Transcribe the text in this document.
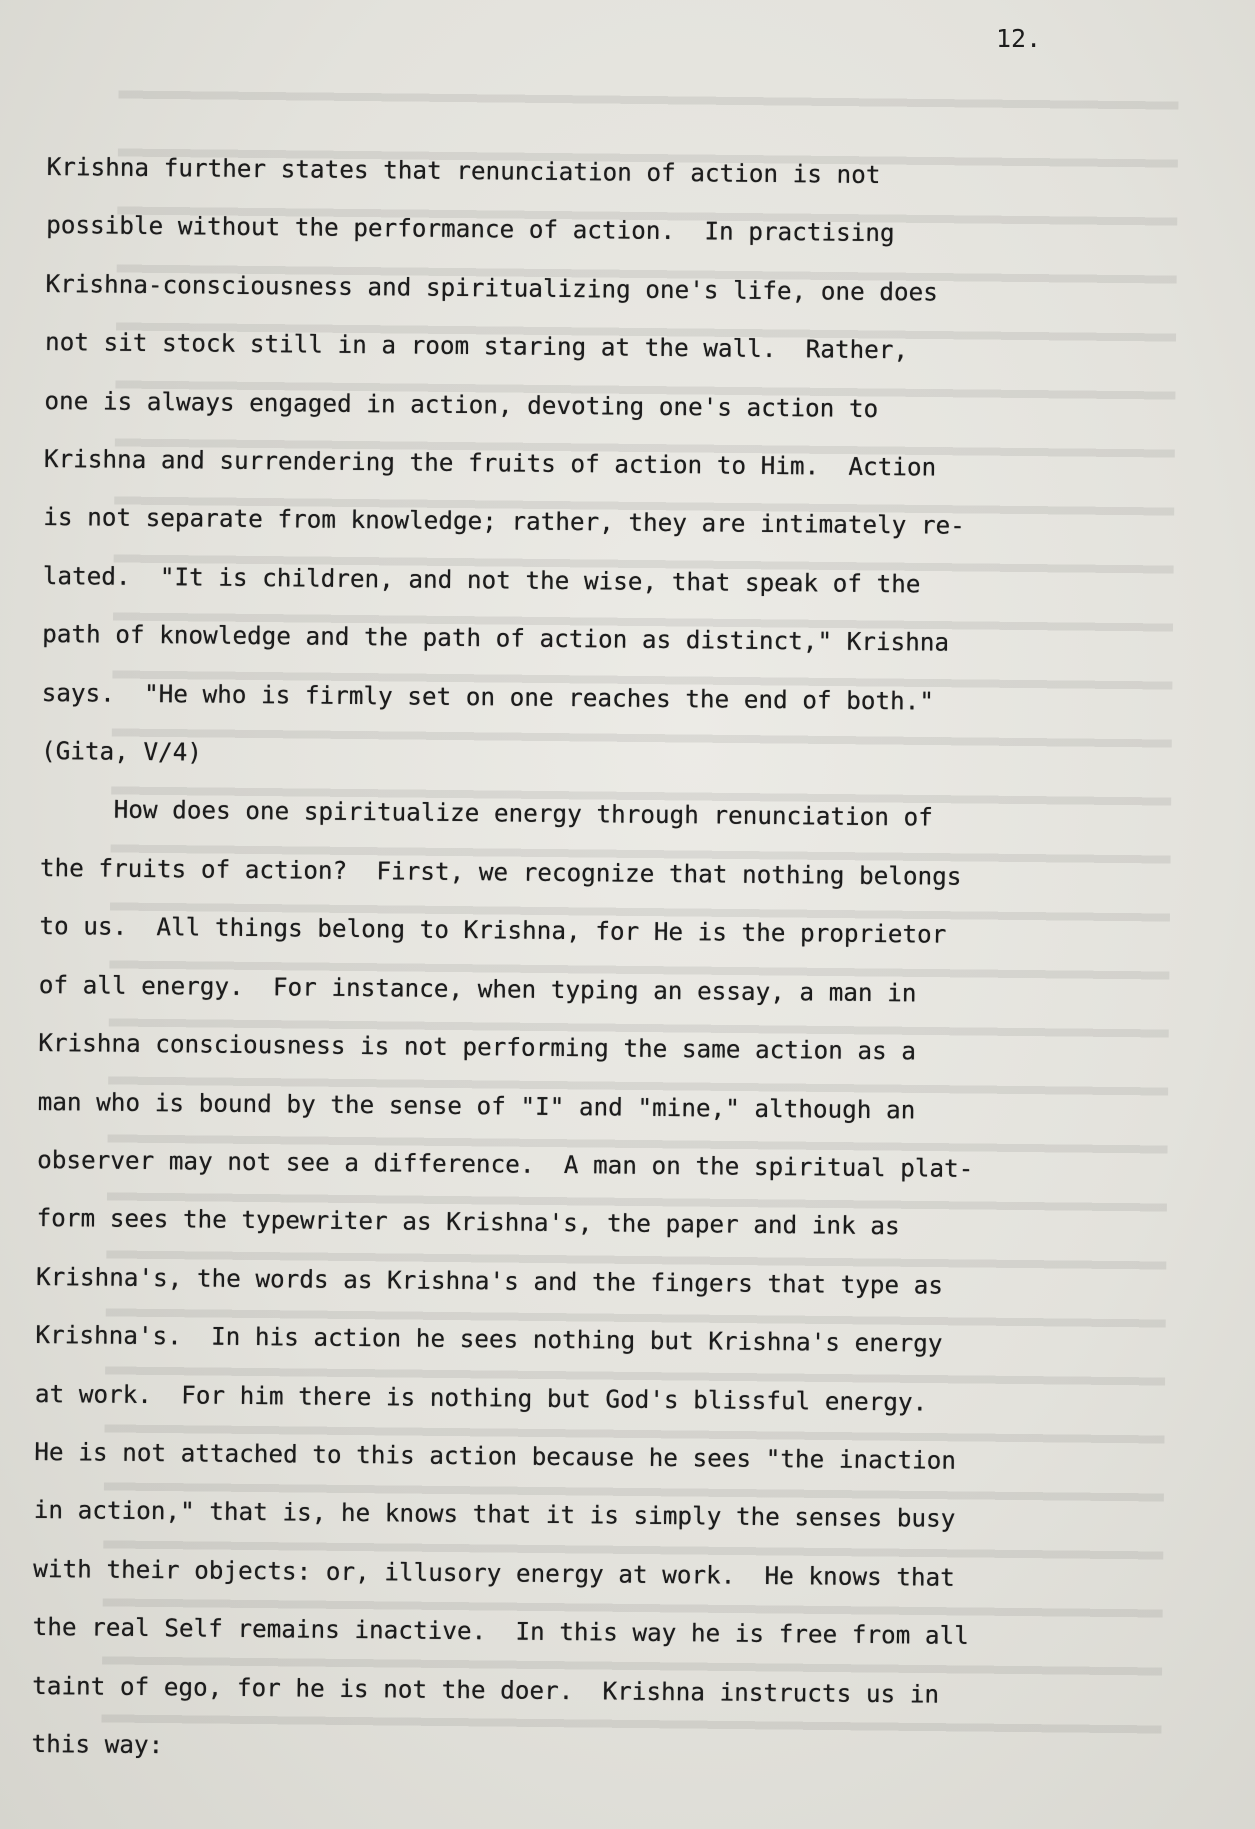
12.

Krishna further states that renunciation of action is not
possible without the performance of action.  In practising
Krishna-consciousness and spiritualizing one's life, one does
not sit stock still in a room staring at the wall.  Rather,
one is always engaged in action, devoting one's action to
Krishna and surrendering the fruits of action to Him.  Action
is not separate from knowledge; rather, they are intimately re-
lated.  "It is children, and not the wise, that speak of the
path of knowledge and the path of action as distinct," Krishna
says.  "He who is firmly set on one reaches the end of both."
(Gita, V/4)
How does one spiritualize energy through renunciation of
the fruits of action?  First, we recognize that nothing belongs
to us.  All things belong to Krishna, for He is the proprietor
of all energy.  For instance, when typing an essay, a man in
Krishna consciousness is not performing the same action as a
man who is bound by the sense of "I" and "mine," although an
observer may not see a difference.  A man on the spiritual plat-
form sees the typewriter as Krishna's, the paper and ink as
Krishna's, the words as Krishna's and the fingers that type as
Krishna's.  In his action he sees nothing but Krishna's energy
at work.  For him there is nothing but God's blissful energy.
He is not attached to this action because he sees "the inaction
in action," that is, he knows that it is simply the senses busy
with their objects: or, illusory energy at work.  He knows that
the real Self remains inactive.  In this way he is free from all
taint of ego, for he is not the doer.  Krishna instructs us in
this way:
